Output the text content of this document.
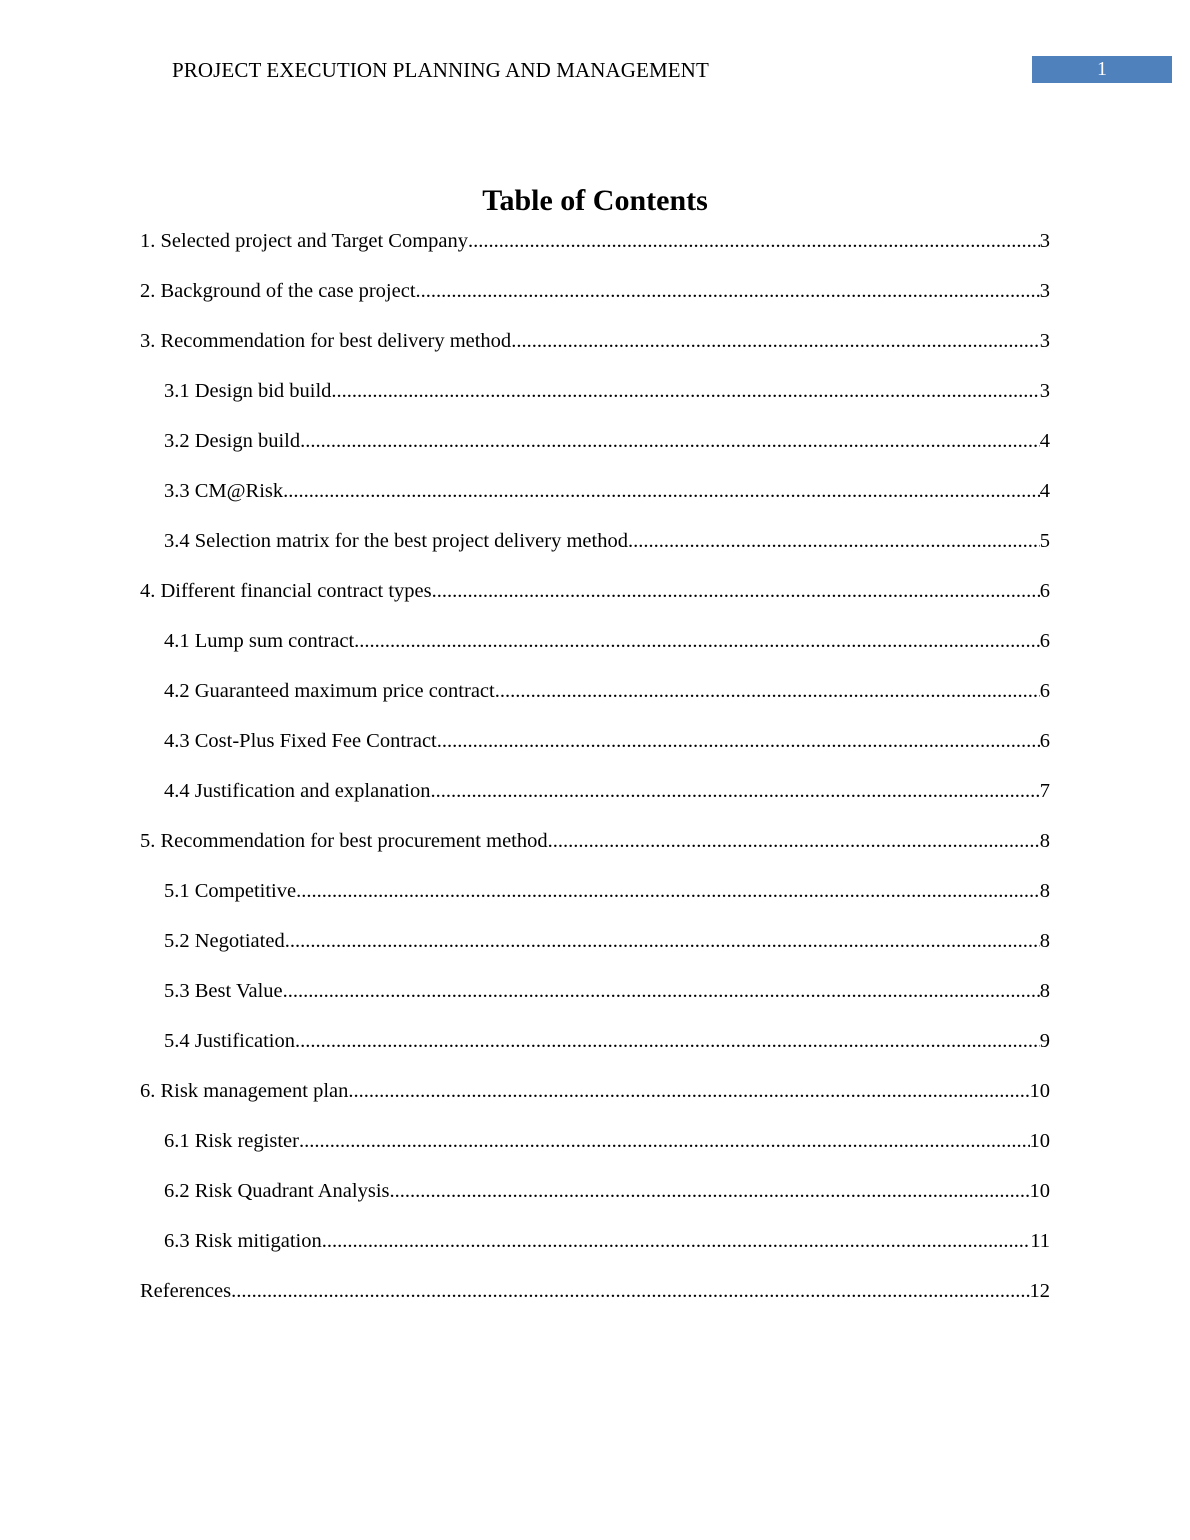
PROJECT EXECUTION PLANNING AND MANAGEMENT	1
Table of Contents
1. Selected project and Target Company .....	3
2. Background of the case project .....	3
3. Recommendation for best delivery method .....	3
3.1 Design bid build .....	3
3.2 Design build .....	4
3.3 CM@Risk .....	4
3.4 Selection matrix for the best project delivery method .....	5
4. Different financial contract types .....	6
4.1 Lump sum contract .....	6
4.2 Guaranteed maximum price contract .....	6
4.3 Cost-Plus Fixed Fee Contract .....	6
4.4 Justification and explanation .....	7
5. Recommendation for best procurement method .....	8
5.1 Competitive .....	8
5.2 Negotiated .....	8
5.3 Best Value .....	8
5.4 Justification .....	9
6. Risk management plan .....	10
6.1 Risk register .....	10
6.2 Risk Quadrant Analysis .....	10
6.3 Risk mitigation .....	11
References .....	12
